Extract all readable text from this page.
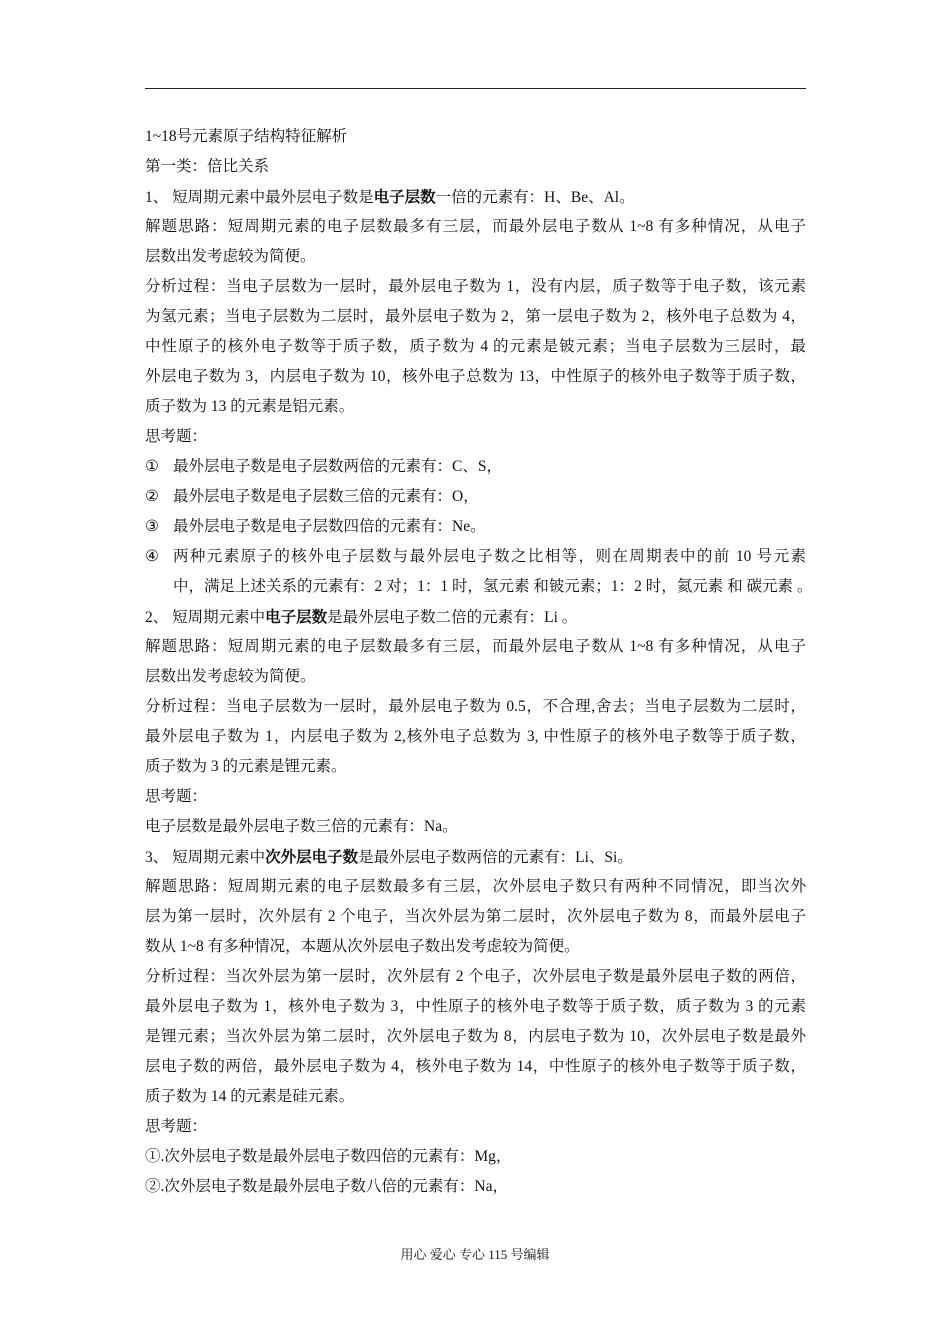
1~18号元素原子结构特征解析
第一类：倍比关系
1、 短周期元素中最外层电子数是电子层数一倍的元素有：H、Be、Al。
解题思路：短周期元素的电子层数最多有三层，而最外层电子数从 1~8 有多种情况，从电子
层数出发考虑较为简便。
分析过程：当电子层数为一层时，最外层电子数为 1，没有内层，质子数等于电子数，该元素
为氢元素；当电子层数为二层时，最外层电子数为 2，第一层电子数为 2，核外电子总数为 4，
中性原子的核外电子数等于质子数，质子数为 4 的元素是铍元素；当电子层数为三层时，最
外层电子数为 3，内层电子数为 10，核外电子总数为 13，中性原子的核外电子数等于质子数，
质子数为 13 的元素是铝元素。
思考题：
① 最外层电子数是电子层数两倍的元素有：C、S，
② 最外层电子数是电子层数三倍的元素有：O，
③ 最外层电子数是电子层数四倍的元素有：Ne。
④ 两种元素原子的核外电子层数与最外层电子数之比相等，则在周期表中的前 10 号元素
中，满足上述关系的元素有：2 对；1：1 时，氢元素 和铍元素；1：2 时，氦元素 和 碳元素 。
2、 短周期元素中电子层数是最外层电子数二倍的元素有：Li 。
解题思路：短周期元素的电子层数最多有三层，而最外层电子数从 1~8 有多种情况，从电子
层数出发考虑较为简便。
分析过程：当电子层数为一层时，最外层电子数为 0.5，不合理,舍去；当电子层数为二层时，
最外层电子数为 1，内层电子数为 2,核外电子总数为 3, 中性原子的核外电子数等于质子数，
质子数为 3 的元素是锂元素。
思考题：
电子层数是最外层电子数三倍的元素有：Na。
3、 短周期元素中次外层电子数是最外层电子数两倍的元素有：Li、Si。
解题思路：短周期元素的电子层数最多有三层，次外层电子数只有两种不同情况，即当次外
层为第一层时，次外层有 2 个电子，当次外层为第二层时，次外层电子数为 8，而最外层电子
数从 1~8 有多种情况，本题从次外层电子数出发考虑较为简便。
分析过程：当次外层为第一层时，次外层有 2 个电子，次外层电子数是最外层电子数的两倍，
最外层电子数为 1，核外电子数为 3，中性原子的核外电子数等于质子数，质子数为 3 的元素
是锂元素；当次外层为第二层时，次外层电子数为 8，内层电子数为 10，次外层电子数是最外
层电子数的两倍，最外层电子数为 4，核外电子数为 14，中性原子的核外电子数等于质子数，
质子数为 14 的元素是硅元素。
思考题：
①.次外层电子数是最外层电子数四倍的元素有：Mg，
②.次外层电子数是最外层电子数八倍的元素有：Na，
用心 爱心 专心 115 号编辑
